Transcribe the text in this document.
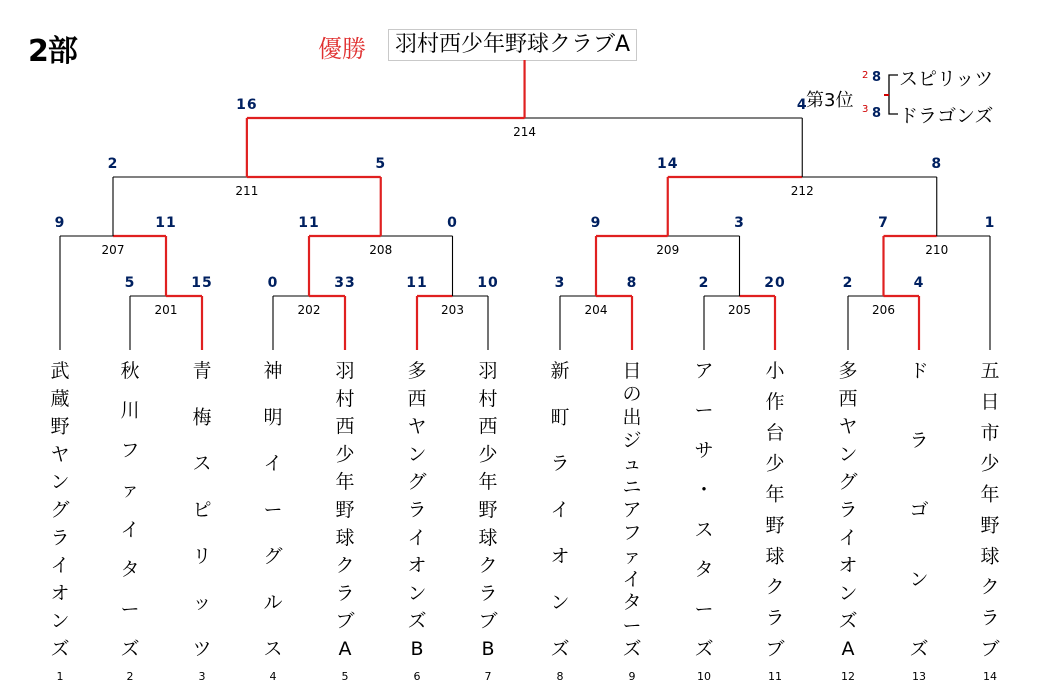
2部	優勝	羽村西少年野球クラブA
第3位
2 8 スピリッツ
3 8 ドラゴンズ
5	15
201
0	33
202
11	10
203
3	8
204
2	20
205
2	4
206
9	11
207
11	0
208
9	3
209
7	1
210
2	5
211
14	8
212
16	4
214
武蔵野ヤングライオンズ
1
秋川ファイターズ
2
青梅スピリッツ
3
神明イーグルス
4
羽村西少年野球クラブ A
5
多西ヤングライオンズ B
6
羽村西少年野球クラブ B
7
新町ライオンズ
8
日の出ジュニアファイターズ
9
アーサ・スターズ
10
小作台少年野球クラブ
11
多西ヤングライオンズ A
12
ドラゴンズ
13
五日市少年野球クラブ
14
